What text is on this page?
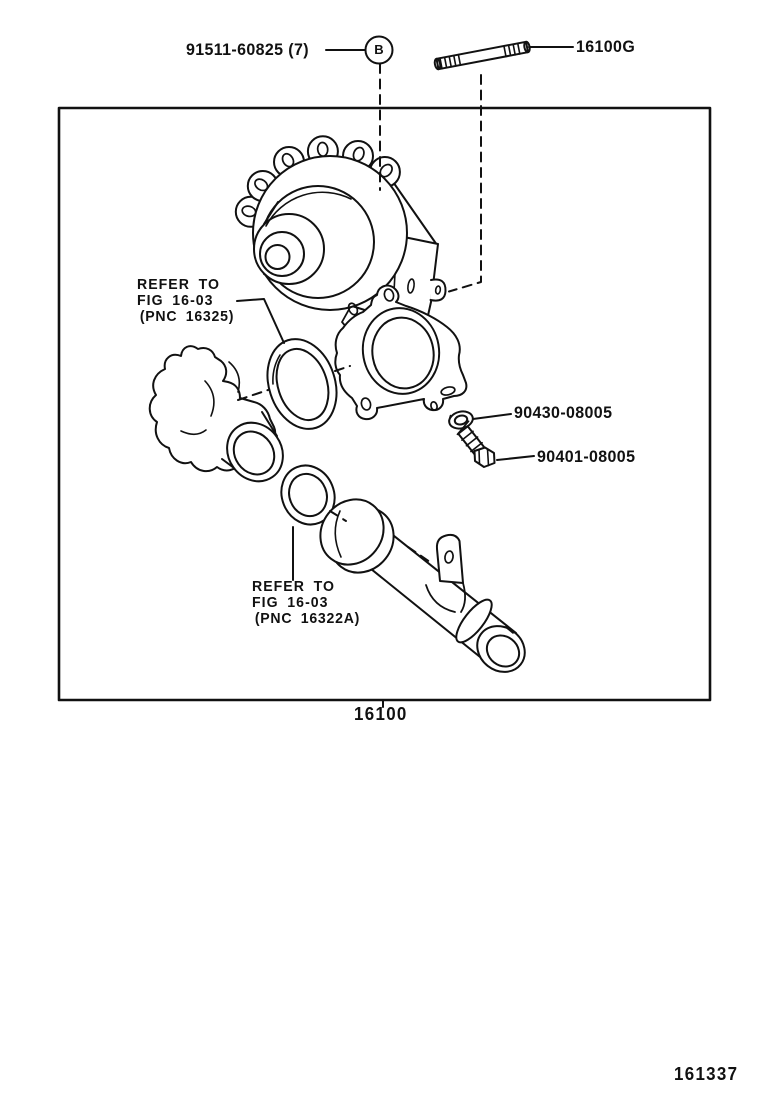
91511-60825 (7)	B	16100G
REFER TO
FIG 16-03
(PNC 16325)
REFER TO
FIG 16-03
(PNC 16322A)
90430-08005
90401-08005
16100
161337
